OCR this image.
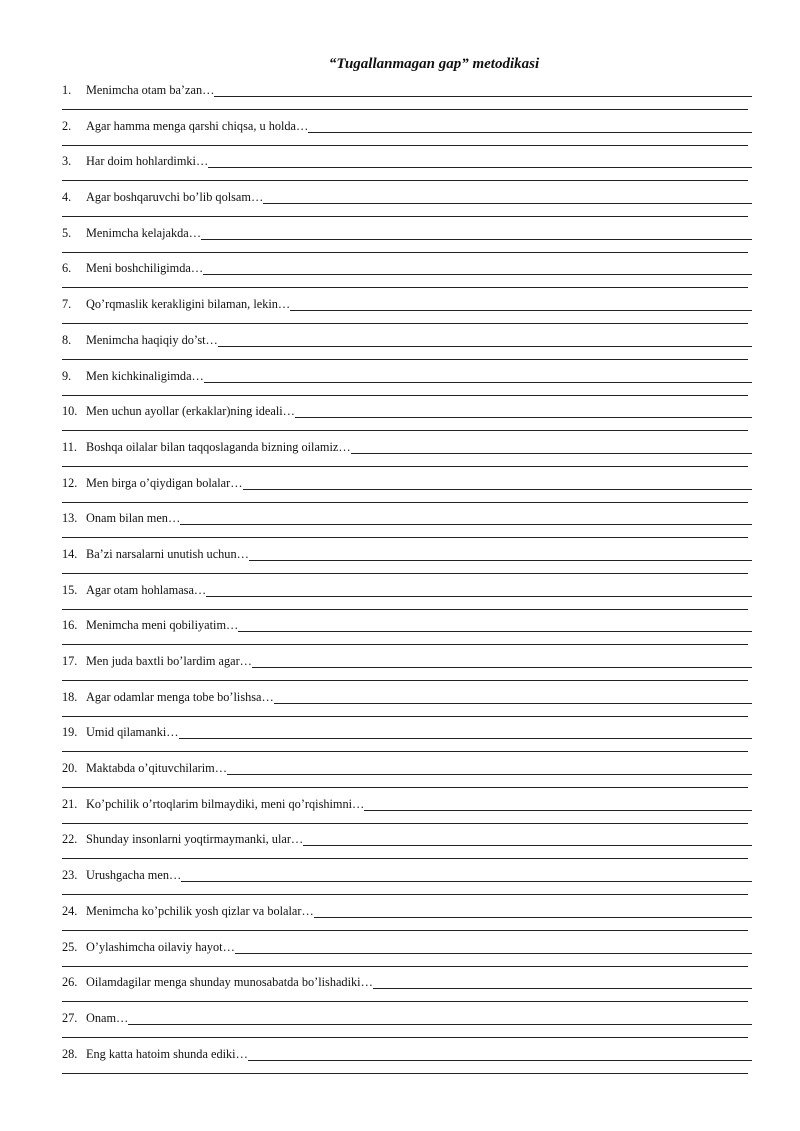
“Tugallanmagan gap” metodikasi
1.	Menimcha otam ba’zan…
2.	Agar hamma menga qarshi chiqsa, u holda…
3.	Har doim hohlardimki…
4.	Agar boshqaruvchi bo’lib qolsam…
5.	Menimcha kelajakda…
6.	Meni boshchiligimda…
7.	Qo’rqmaslik kerakligini bilaman, lekin…
8.	Menimcha haqiqiy do’st…
9.	Men kichkinaligimda…
10. Men uchun ayollar (erkaklar)ning ideali…
11. Boshqa oilalar bilan taqqoslaganda bizning oilamiz…
12. Men birga o’qiydigan bolalar…
13. Onam bilan men…
14. Ba’zi narsalarni unutish uchun…
15. Agar otam hohlamasa…
16. Menimcha meni qobiliyatim…
17. Men juda baxtli bo’lardim agar…
18. Agar odamlar menga tobe bo’lishsa…
19. Umid qilamanki…
20. Maktabda o’qituvchilarim…
21. Ko’pchilik o’rtoqlarim bilmaydiki, meni qo’rqishimni…
22. Shunday insonlarni yoqtirmaymanki, ular…
23. Urushgacha men…
24. Menimcha ko’pchilik yosh qizlar va bolalar…
25. O’ylashimcha oilaviy hayot…
26. Oilamdagilar menga shunday munosabatda bo’lishadiki…
27. Onam…
28. Eng katta hatoim shunda ediki…
